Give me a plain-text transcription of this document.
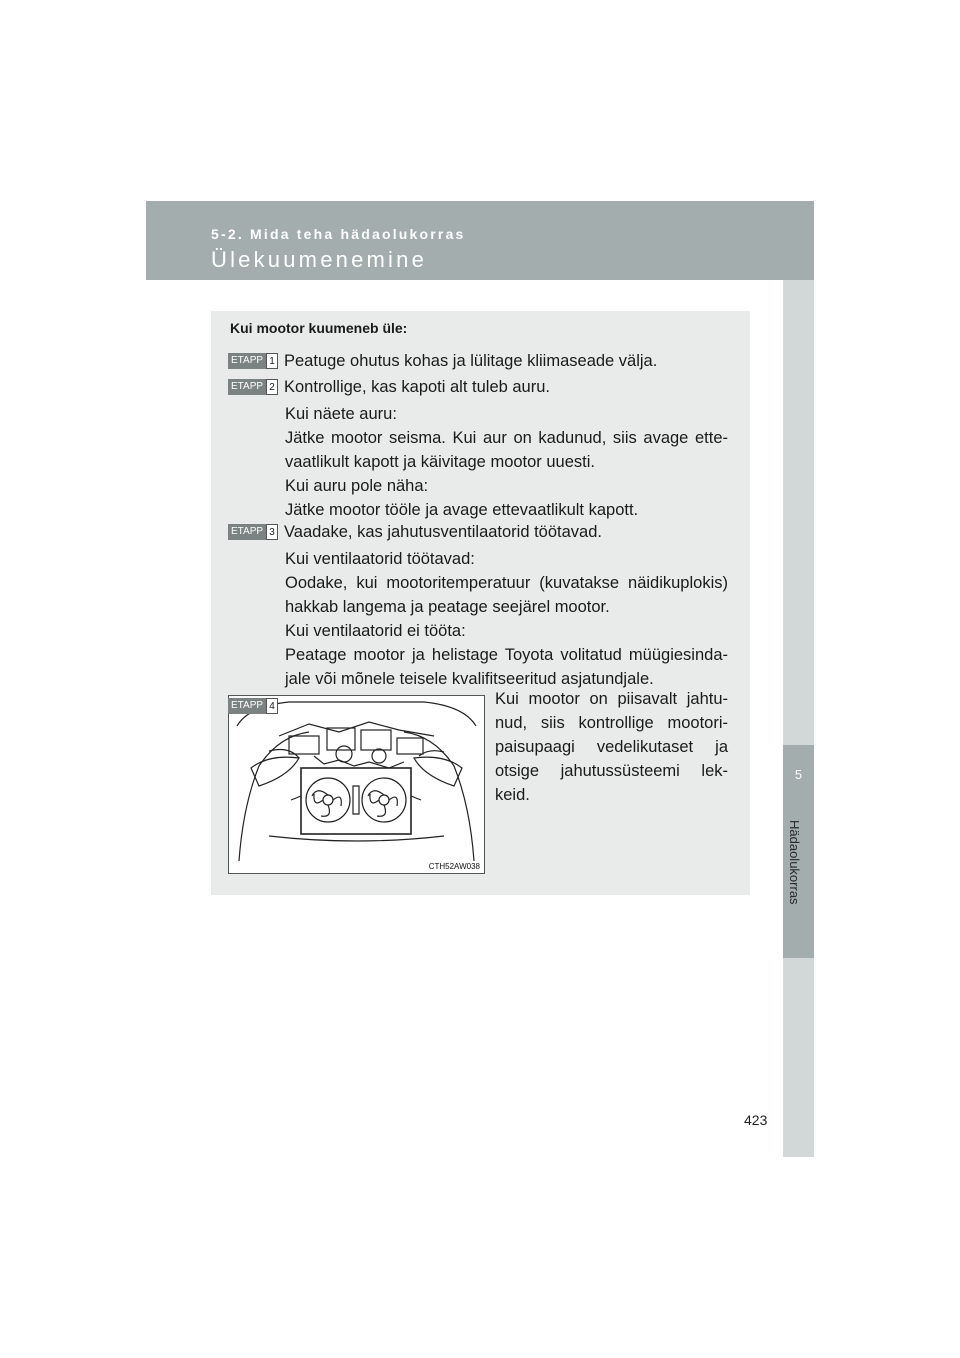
5-2. Mida teha hädaolukorras
Ülekuumenemine
5
Hädaolukorras
423
Kui mootor kuumeneb üle:
ETAPP 1 Peatuge ohutus kohas ja lülitage kliimaseade välja.
ETAPP 2 Kontrollige, kas kapoti alt tuleb auru.
Kui näete auru:
Jätke mootor seisma. Kui aur on kadunud, siis avage ette-vaatlikult kapott ja käivitage mootor uuesti.
Kui auru pole näha:
Jätke mootor tööle ja avage ettevaatlikult kapott.
ETAPP 3 Vaadake, kas jahutusventilaatorid töötavad.
Kui ventilaatorid töötavad:
Oodake, kui mootoritemperatuur (kuvatakse näidikuplokis) hakkab langema ja peatage seejärel mootor.
Kui ventilaatorid ei tööta:
Peatage mootor ja helistage Toyota volitatud müügiesinda-jale või mõnele teisele kvalifitseeritud asjatundjale.
ETAPP 4
CTH52AW038
Kui mootor on piisavalt jahtu-nud, siis kontrollige mootori-paisupaagi vedelikutaset ja otsige jahutussüsteemi lek-keid.
